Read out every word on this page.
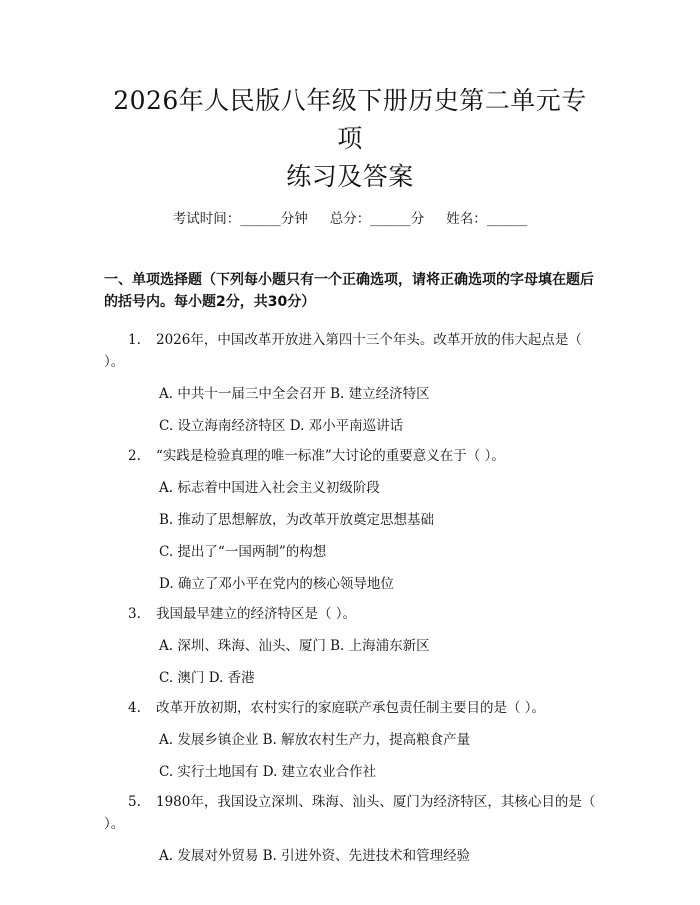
2026年人民版八年级下册历史第二单元专项
练习及答案
考试时间：______分钟 总分：______分 姓名：______
一、单项选择题（下列每小题只有一个正确选项，请将正确选项的字母填在题后的括号内。每小题2分，共30分）
1. 2026年，中国改革开放进入第四十三个年头。改革开放的伟大起点是（ ）。
A. 中共十一届三中全会召开 B. 建立经济特区
C. 设立海南经济特区 D. 邓小平南巡讲话
2. “实践是检验真理的唯一标准”大讨论的重要意义在于（ ）。
A. 标志着中国进入社会主义初级阶段
B. 推动了思想解放，为改革开放奠定思想基础
C. 提出了“一国两制”的构想
D. 确立了邓小平在党内的核心领导地位
3. 我国最早建立的经济特区是（ ）。
A. 深圳、珠海、汕头、厦门 B. 上海浦东新区
C. 澳门 D. 香港
4. 改革开放初期，农村实行的家庭联产承包责任制主要目的是（ ）。
A. 发展乡镇企业 B. 解放农村生产力，提高粮食产量
C. 实行土地国有 D. 建立农业合作社
5. 1980年，我国设立深圳、珠海、汕头、厦门为经济特区，其核心目的是（ ）。
A. 发展对外贸易 B. 引进外资、先进技术和管理经验
